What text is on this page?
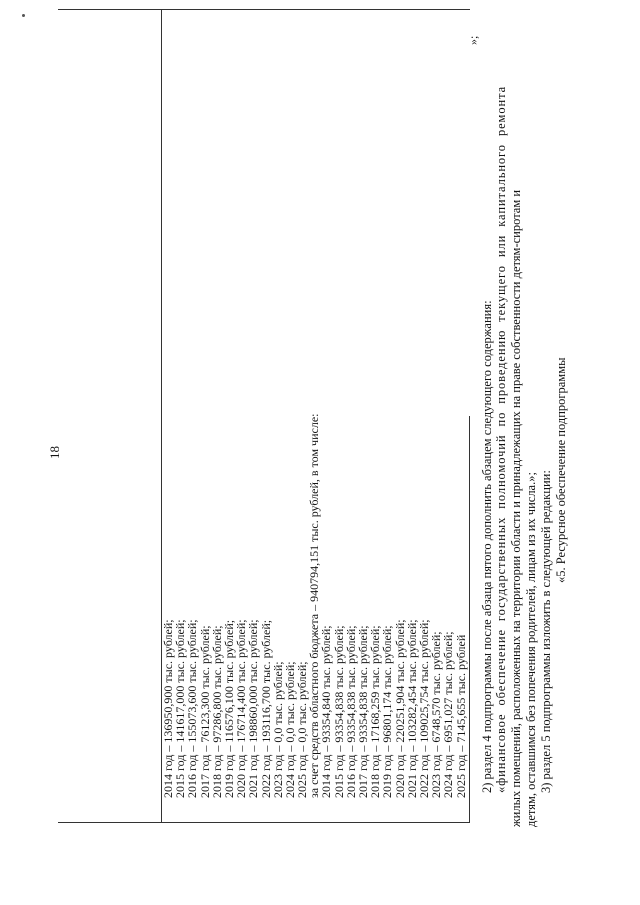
18
2014 год – 136950,900 тыс. рублей;
2015 год – 141617,000 тыс. рублей;
2016 год – 155073,600 тыс. рублей;
2017 год – 76123,300 тыс. рублей;
2018 год – 97286,800 тыс. рублей;
2019 год – 116576,100 тыс. рублей;
2020 год – 176714,400 тыс. рублей;
2021 год – 198860,000 тыс. рублей;
2022 год – 193116,700 тыс. рублей;
2023 год – 0,0 тыс. рублей;
2024 год – 0,0 тыс. рублей;
2025 год – 0,0 тыс. рублей;
за счет средств областного бюджета – 940794,151 тыс. рублей, в том числе:
2014 год – 93354,840 тыс. рублей;
2015 год – 93354,838 тыс. рублей;
2016 год – 93354,838 тыс. рублей;
2017 год – 93354,838 тыс. рублей;
2018 год – 17168,259 тыс. рублей;
2019 год – 96801,174 тыс. рублей;
2020 год – 220251,904 тыс. рублей;
2021 год – 103282,454 тыс. рублей;
2022 год – 109025,754 тыс. рублей;
2023 год – 6748,570 тыс. рублей;
2024 год – 6951,027 тыс. рублей;
2025 год – 7145,655 тыс. рублей
»;
2) раздел 4 подпрограммы после абзаца пятого дополнить абзацем следующего содержания: «финансовое обеспечение государственных полномочий по проведению текущего или капитального ремонта жилых помещений, расположенных на территории области и принадлежащих на праве собственности детям-сиротам и детям, оставшимся без попечения родителей, лицам из их числа.»; 3) раздел 5 подпрограммы изложить в следующей редакции: «5. Ресурсное обеспечение подпрограммы
